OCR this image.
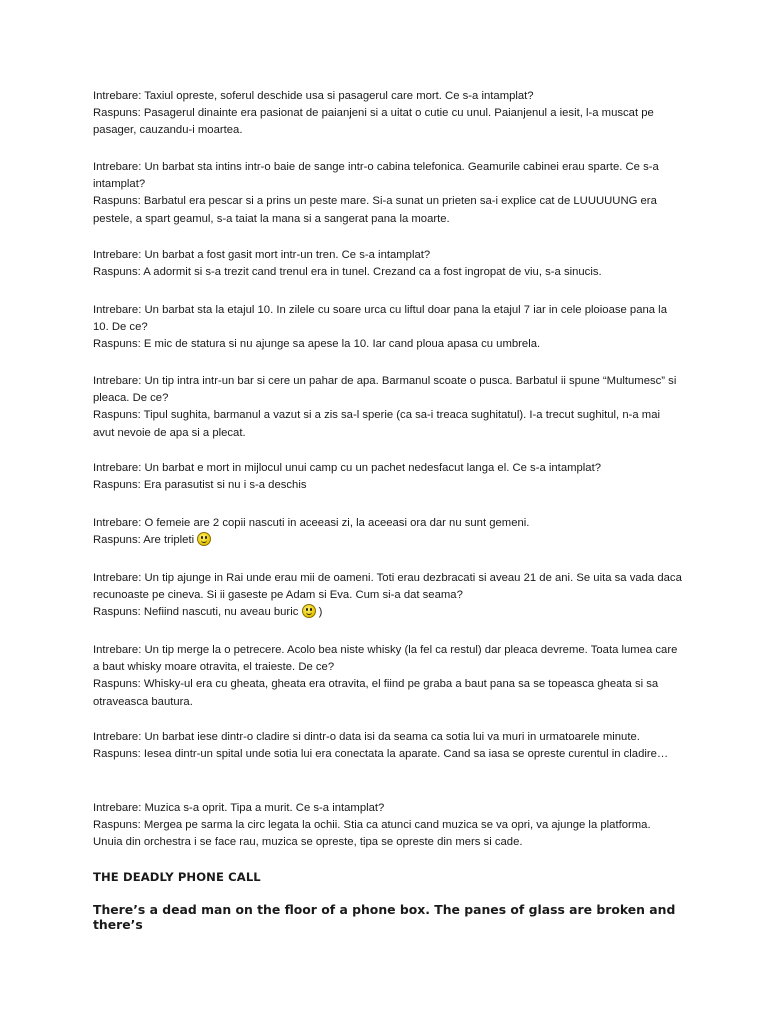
Intrebare: Taxiul opreste, soferul deschide usa si pasagerul care mort. Ce s-a intamplat?

Raspuns: Pasagerul dinainte era pasionat de paianjeni si a uitat o cutie cu unul. Paianjenul a iesit, l-a muscat pe pasager, cauzandu-i moartea.

Intrebare: Un barbat sta intins intr-o baie de sange intr-o cabina telefonica. Geamurile cabinei erau sparte. Ce s-a intamplat?

Raspuns: Barbatul era pescar si a prins un peste mare. Si-a sunat un prieten sa-i explice cat de LUUUUUNG era pestele, a spart geamul, s-a taiat la mana si a sangerat pana la moarte.

Intrebare: Un barbat a fost gasit mort intr-un tren. Ce s-a intamplat?

Raspuns: A adormit si s-a trezit cand trenul era in tunel. Crezand ca a fost ingropat de viu, s-a sinucis.

Intrebare: Un barbat sta la etajul 10. In zilele cu soare urca cu liftul doar pana la etajul 7 iar in cele ploioase pana la 10. De ce?

Raspuns: E mic de statura si nu ajunge sa apese la 10. Iar cand ploua apasa cu umbrela.

Intrebare: Un tip intra intr-un bar si cere un pahar de apa. Barmanul scoate o pusca. Barbatul ii spune “Multumesc” si pleaca. De ce?

Raspuns: Tipul sughita, barmanul a vazut si a zis sa-l sperie (ca sa-i treaca sughitatul). I-a trecut sughitul, n-a mai avut nevoie de apa si a plecat.

Intrebare: Un barbat e mort in mijlocul unui camp cu un pachet nedesfacut langa el. Ce s-a intamplat?

Raspuns: Era parasutist si nu i s-a deschis

Intrebare: O femeie are 2 copii nascuti in aceeasi zi, la aceeasi ora dar nu sunt gemeni.

Raspuns: Are tripleti

Intrebare: Un tip ajunge in Rai unde erau mii de oameni. Toti erau dezbracati si aveau 21 de ani. Se uita sa vada daca recunoaste pe cineva. Si ii gaseste pe Adam si Eva. Cum si-a dat seama?

Raspuns: Nefiind nascuti, nu aveau buric  )

Intrebare: Un tip merge la o petrecere. Acolo bea niste whisky (la fel ca restul) dar pleaca devreme. Toata lumea care a baut whisky moare otravita, el traieste. De ce?

Raspuns: Whisky-ul era cu gheata, gheata era otravita, el fiind pe graba a baut pana sa se topeasca gheata si sa otraveasca bautura.

Intrebare: Un barbat iese dintr-o cladire si dintr-o data isi da seama ca sotia lui va muri in urmatoarele minute.

Raspuns: Iesea dintr-un spital unde sotia lui era conectata la aparate. Cand sa iasa se opreste curentul in cladire…

Intrebare: Muzica s-a oprit. Tipa a murit. Ce s-a intamplat?

Raspuns: Mergea pe sarma la circ legata la ochii. Stia ca atunci cand muzica se va opri, va ajunge la platforma. Unuia din orchestra i se face rau, muzica se opreste, tipa se opreste din mers si cade.

THE DEADLY PHONE CALL
There’s a dead man on the floor of a phone box. The panes of glass are broken and there’s
